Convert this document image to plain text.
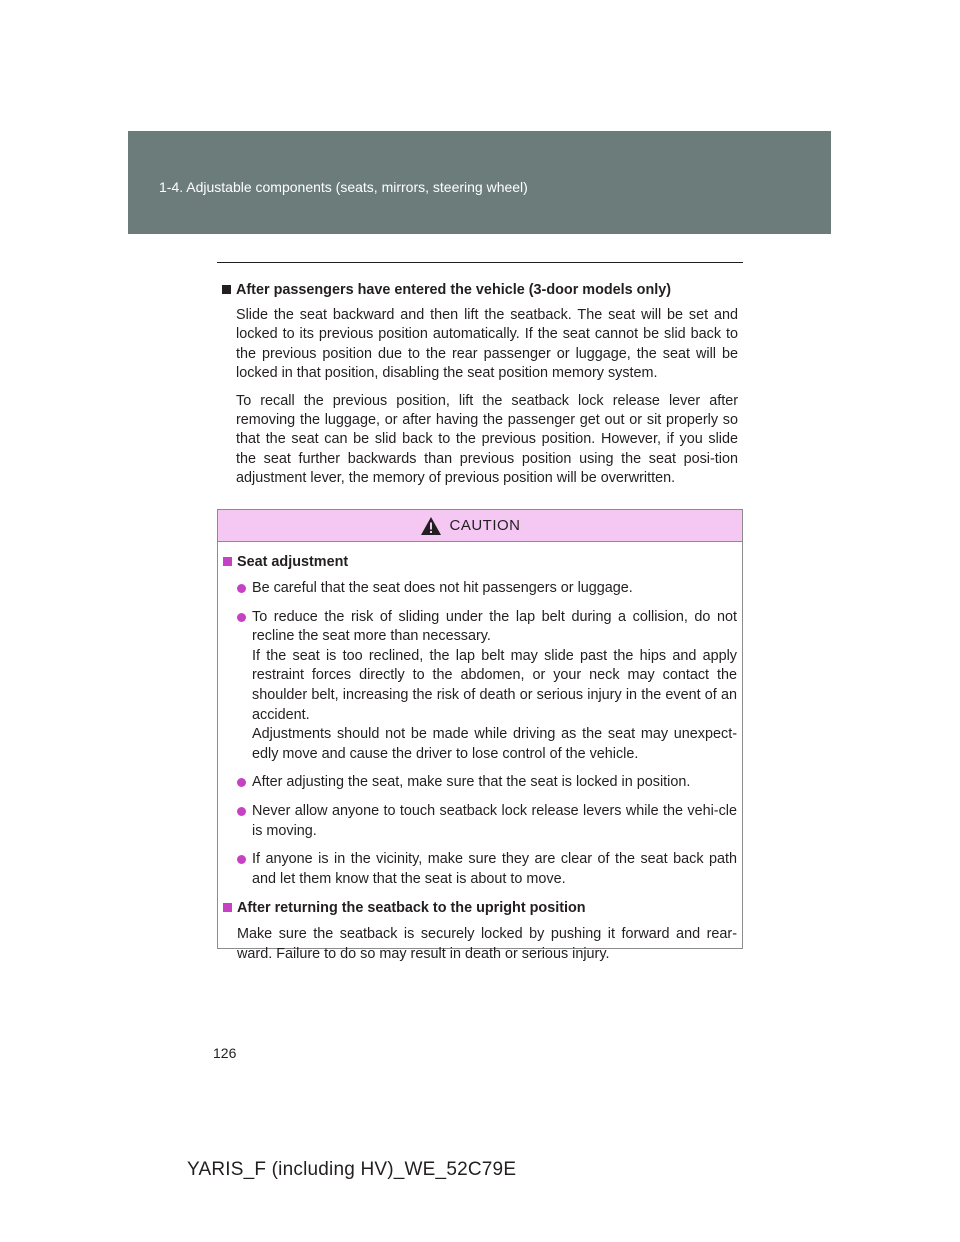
1-4. Adjustable components (seats, mirrors, steering wheel)
After passengers have entered the vehicle (3-door models only)

Slide the seat backward and then lift the seatback. The seat will be set and locked to its previous position automatically. If the seat cannot be slid back to the previous position due to the rear passenger or luggage, the seat will be locked in that position, disabling the seat position memory system.

To recall the previous position, lift the seatback lock release lever after removing the luggage, or after having the passenger get out or sit properly so that the seat can be slid back to the previous position. However, if you slide the seat further backwards than previous position using the seat posi-tion adjustment lever, the memory of previous position will be overwritten.

CAUTION
Seat adjustment

Be careful that the seat does not hit passengers or luggage.

To reduce the risk of sliding under the lap belt during a collision, do not recline the seat more than necessary.

If the seat is too reclined, the lap belt may slide past the hips and apply restraint forces directly to the abdomen, or your neck may contact the shoulder belt, increasing the risk of death or serious injury in the event of an accident.

Adjustments should not be made while driving as the seat may unexpect-edly move and cause the driver to lose control of the vehicle.

After adjusting the seat, make sure that the seat is locked in position.

Never allow anyone to touch seatback lock release levers while the vehi-cle is moving.

If anyone is in the vicinity, make sure they are clear of the seat back path and let them know that the seat is about to move.

After returning the seatback to the upright position

Make sure the seatback is securely locked by pushing it forward and rear-ward. Failure to do so may result in death or serious injury.

126
YARIS_F (including HV)_WE_52C79E
